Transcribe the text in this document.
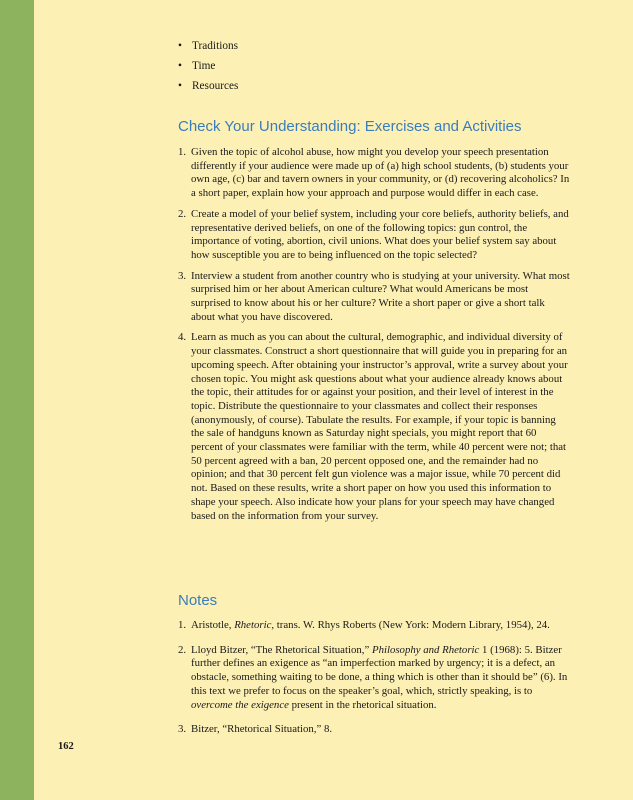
• Traditions
• Time
• Resources
Check Your Understanding: Exercises and Activities
1. Given the topic of alcohol abuse, how might you develop your speech presentation differently if your audience were made up of (a) high school students, (b) students your own age, (c) bar and tavern owners in your community, or (d) recovering alcoholics? In a short paper, explain how your approach and purpose would differ in each case.
2. Create a model of your belief system, including your core beliefs, authority beliefs, and representative derived beliefs, on one of the following topics: gun control, the importance of voting, abortion, civil unions. What does your belief system say about how susceptible you are to being influenced on the topic selected?
3. Interview a student from another country who is studying at your university. What most surprised him or her about American culture? What would Americans be most surprised to know about his or her culture? Write a short paper or give a short talk about what you have discovered.
4. Learn as much as you can about the cultural, demographic, and individual diversity of your classmates. Construct a short questionnaire that will guide you in preparing for an upcoming speech. After obtaining your instructor’s approval, write a survey about your chosen topic. You might ask questions about what your audience already knows about the topic, their attitudes for or against your position, and their level of interest in the topic. Distribute the questionnaire to your classmates and collect their responses (anonymously, of course). Tabulate the results. For example, if your topic is banning the sale of handguns known as Saturday night specials, you might report that 60 percent of your classmates were familiar with the term, while 40 percent were not; that 50 percent agreed with a ban, 20 percent opposed one, and the remainder had no opinion; and that 30 percent felt gun violence was a major issue, while 70 percent did not. Based on these results, write a short paper on how you used this information to shape your speech. Also indicate how your plans for your speech may have changed based on the information from your survey.
Notes
1. Aristotle, Rhetoric, trans. W. Rhys Roberts (New York: Modern Library, 1954), 24.
2. Lloyd Bitzer, “The Rhetorical Situation,” Philosophy and Rhetoric 1 (1968): 5. Bitzer further defines an exigence as “an imperfection marked by urgency; it is a defect, an obstacle, something waiting to be done, a thing which is other than it should be” (6). In this text we prefer to focus on the speaker’s goal, which, strictly speaking, is to overcome the exigence present in the rhetorical situation.
3. Bitzer, “Rhetorical Situation,” 8.
162
